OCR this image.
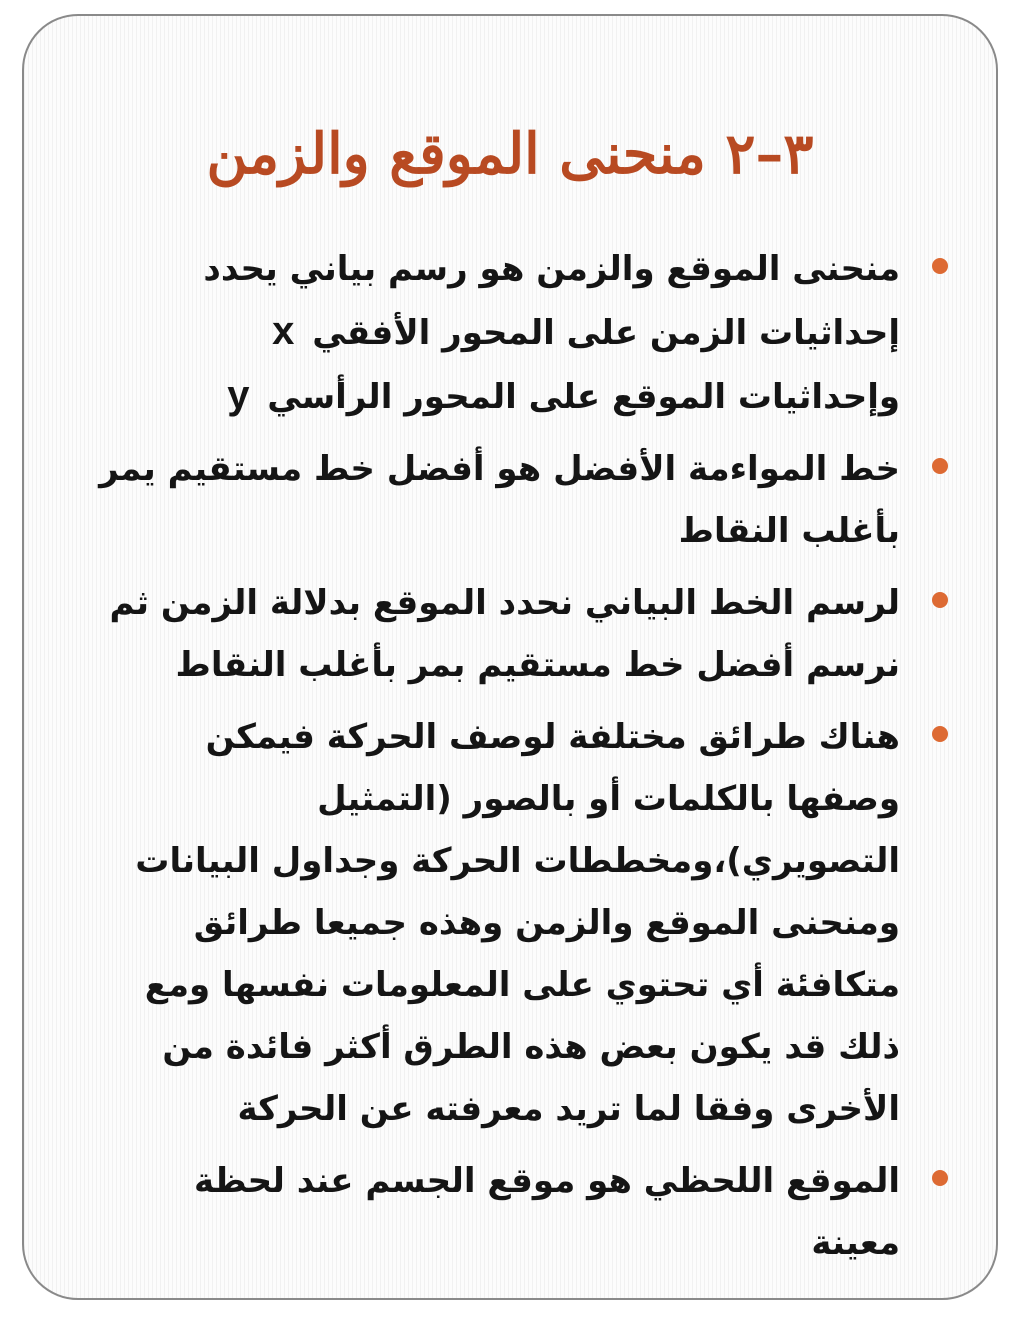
٣–٢ منحنى الموقع والزمن
منحنى الموقع والزمن هو رسم بياني يحدد إحداثيات الزمن على المحور الأفقي x وإحداثيات الموقع على المحور الرأسي y
خط المواءمة الأفضل هو أفضل خط مستقيم يمر بأغلب النقاط
لرسم الخط البياني نحدد الموقع بدلالة الزمن ثم نرسم أفضل خط مستقيم بمر بأغلب النقاط
هناك طرائق مختلفة لوصف الحركة فيمكن وصفها بالكلمات أو بالصور (التمثيل التصويري)،ومخططات الحركة وجداول البيانات ومنحنى الموقع والزمن وهذه جميعا طرائق متكافئة أي تحتوي على المعلومات نفسها ومع ذلك قد يكون بعض هذه الطرق أكثر فائدة من الأخرى وفقا لما تريد معرفته عن الحركة
الموقع اللحظي هو موقع الجسم عند لحظة معينة
